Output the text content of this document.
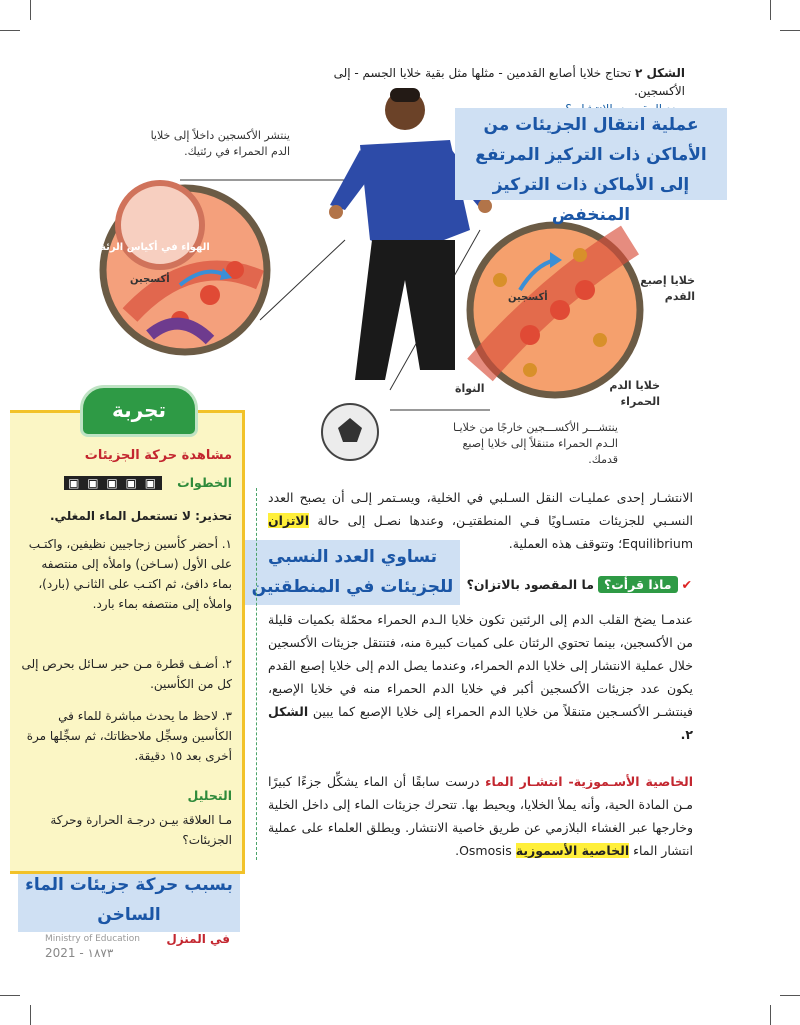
الشكل ٢ تحتاج خلايا أصابع القدمين - مثلها مثل بقية خلايا الجسم - إلى الأكسجين.

ينتشر الأكسجين داخلاً إلى خلايا الدم الحمراء في رئتيك.
الهواء في أكياس الرئة
أكسجين
أكسجين
خلايا إصبع القدم
النواة	خلايا الدم الحمراء
ينتشـــر الأكســـجين خارجًا من خلايـا الـدم الحمراء متنقلاً إلى خلايا إصبع قدمك.
عملية انتقال الجزيئات من الأماكن ذات التركيز المرتفع إلى الأماكن ذات التركيز المنخفض
تساوي العدد النسبي للجزيئات في المنطقتين
بسبب حركة جزيئات الماء الساخن
الانتشـار إحدى عمليـات النقل السـلبي في الخلية، ويسـتمر إلـى أن يصبح العدد النسـبي للجزيئات متسـاويًا فـي المنطقتيـن، وعندها نصـل إلى حالة الاتزان Equilibrium؛ وتتوقف هذه العملية.
✔ ماذا قرأت؟ ما المقصود بالاتزان؟
عندمـا يضخ القلب الدم إلى الرئتين تكون خلايا الـدم الحمراء محمّلة بكميات قليلة من الأكسجين، بينما تحتوي الرئتان على كميات كبيرة منه، فتنتقل جزيئات الأكسجين خلال عملية الانتشار إلى خلايا الدم الحمراء، وعندما يصل الدم إلى خلايا إصبع القدم يكون عدد جزيئات الأكسجين أكبر في خلايا الدم الحمراء منه في خلايا الإصبع، فينتشـر الأكسـجين متنقلاً من خلايا الدم الحمراء إلى خلايا الإصبع كما يبين الشكل ٢.
الخاصية الأسـموزية- انتشـار الماء درست سابقًا أن الماء يشكِّل جزءًا كبيرًا مـن المادة الحية، وأنه يملأ الخلايا، ويحيط بها. تتحرك جزيئات الماء إلى داخل الخلية وخارجها عبر الغشاء البلازمي عن طريق خاصية الانتشار. ويطلق العلماء على عملية انتشار الماء الخاصية الأسموزية Osmosis.
تجربة
مشاهدة حركة الجزيئات
الخطوات ▣ ▣ ▣ ▣ ▣
تحذير: لا تستعمل الماء المغلي.
١. أحضر كأسين زجاجيين نظيفين، واكتـب على الأول (سـاخن) واملأه إلى منتصفه بماء دافئ، ثم اكتـب على الثانـي (بارد)، واملأه إلى منتصفه بماء بارد.
٢. أضـف قطرة مـن حبر سـائل بحرص إلى كل من الكأسين.
٣. لاحظ ما يحدث مباشرة للماء في الكأسين وسجِّل ملاحظاتك، ثم سجِّلها مرة أخرى بعد ١٥ دقيقة.
التحليل
مـا العلاقة بيـن درجـة الحرارة وحركة الجزيئات؟
في المنزل
Ministry of Education
2021 - ١٨٧٣
